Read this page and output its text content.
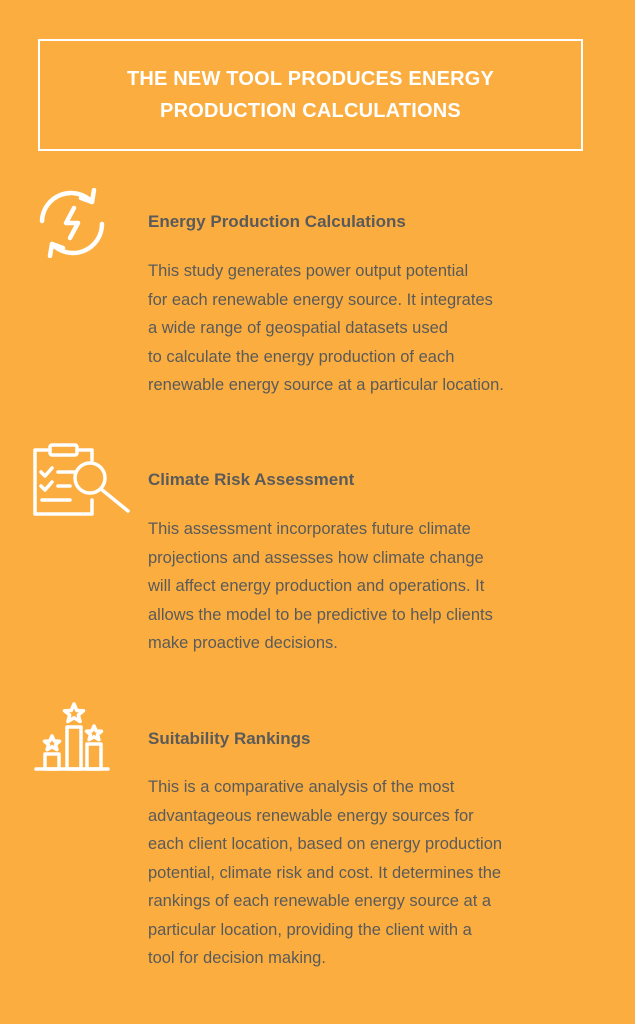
THE NEW TOOL PRODUCES ENERGY
PRODUCTION CALCULATIONS
Energy Production Calculations
This study generates power output potential
for each renewable energy source. It integrates
a wide range of geospatial datasets used
to calculate the energy production of each
renewable energy source at a particular location.
Climate Risk Assessment
This assessment incorporates future climate
projections and assesses how climate change
will affect energy production and operations. It
allows the model to be predictive to help clients
make proactive decisions.
Suitability Rankings
This is a comparative analysis of the most
advantageous renewable energy sources for
each client location, based on energy production
potential, climate risk and cost. It determines the
rankings of each renewable energy source at a
particular location, providing the client with a
tool for decision making.
